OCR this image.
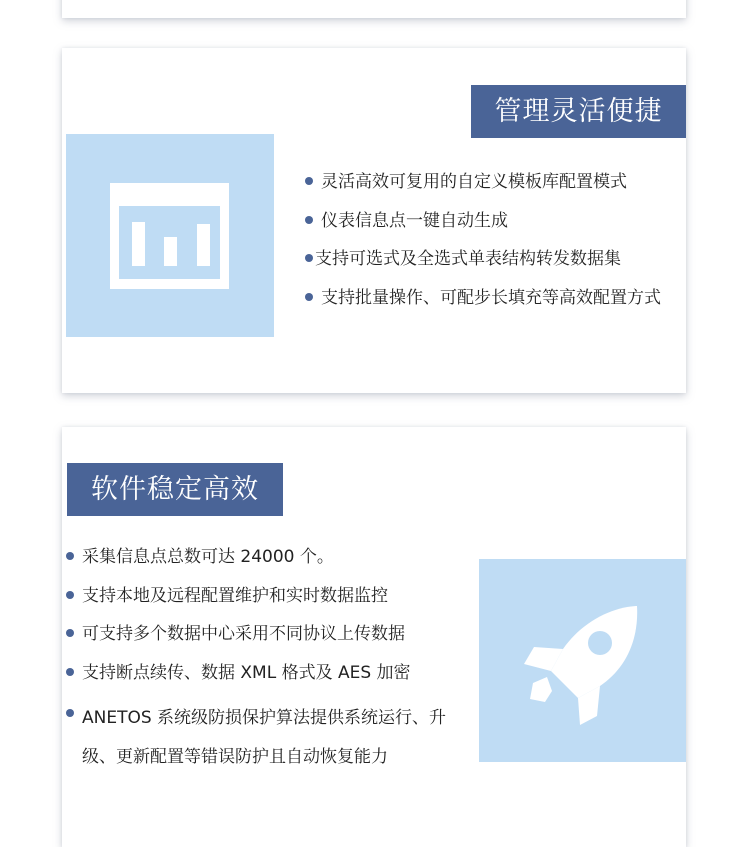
管理灵活便捷
灵活高效可复用的自定义模板库配置模式
仪表信息点一键自动生成
支持可选式及全选式单表结构转发数据集
支持批量操作、可配步长填充等高效配置方式
软件稳定高效
采集信息点总数可达 24000 个。
支持本地及远程配置维护和实时数据监控
可支持多个数据中心采用不同协议上传数据
支持断点续传、数据 XML 格式及 AES 加密
ANETOS 系统级防损保护算法提供系统运行、升级、更新配置等错误防护且自动恢复能力
